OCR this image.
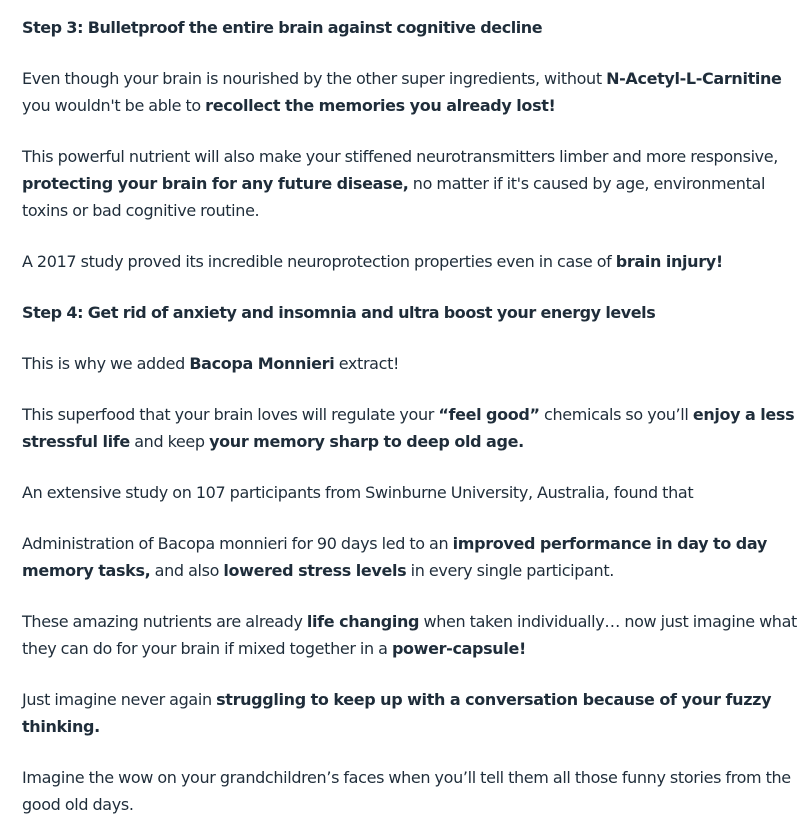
Step 3: Bulletproof the entire brain against cognitive decline

Even though your brain is nourished by the other super ingredients, without N-Acetyl-L-Carnitine you wouldn't be able to recollect the memories you already lost!

This powerful nutrient will also make your stiffened neurotransmitters limber and more responsive, protecting your brain for any future disease, no matter if it's caused by age, environmental toxins or bad cognitive routine.

A 2017 study proved its incredible neuroprotection properties even in case of brain injury!

Step 4: Get rid of anxiety and insomnia and ultra boost your energy levels

This is why we added Bacopa Monnieri extract!

This superfood that your brain loves will regulate your “feel good” chemicals so you’ll enjoy a less stressful life and keep your memory sharp to deep old age.

An extensive study on 107 participants from Swinburne University, Australia, found that

Administration of Bacopa monnieri for 90 days led to an improved performance in day to day memory tasks, and also lowered stress levels in every single participant.

These amazing nutrients are already life changing when taken individually… now just imagine what they can do for your brain if mixed together in a power-capsule!

Just imagine never again struggling to keep up with a conversation because of your fuzzy thinking.

Imagine the wow on your grandchildren’s faces when you’ll tell them all those funny stories from the good old days.
